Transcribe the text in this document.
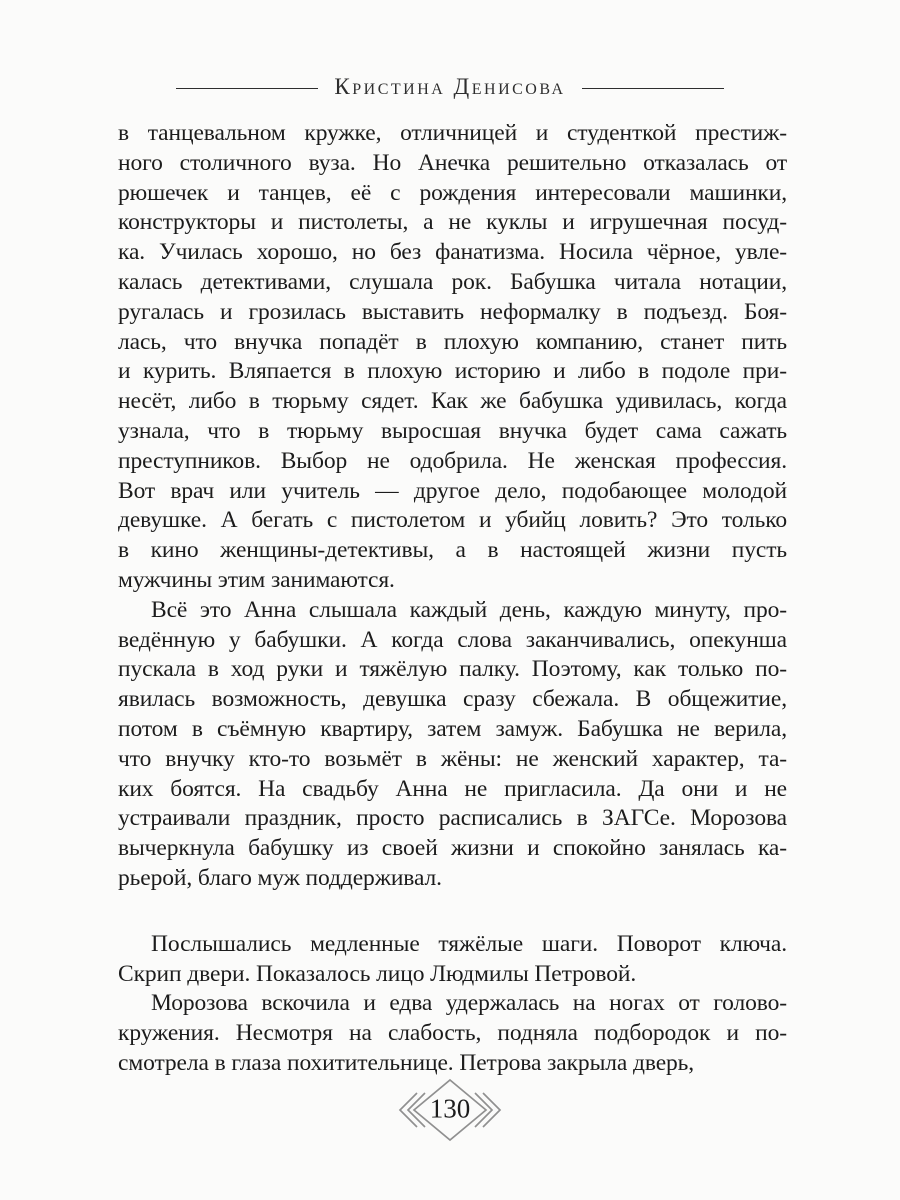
Кристина Денисова
в танцевальном кружке, отличницей и студенткой престиж-
ного столичного вуза. Но Анечка решительно отказалась от
рюшечек и танцев, её с рождения интересовали машинки,
конструкторы и пистолеты, а не куклы и игрушечная посуд-
ка. Училась хорошо, но без фанатизма. Носила чёрное, увле-
калась детективами, слушала рок. Бабушка читала нотации,
ругалась и грозилась выставить неформалку в подъезд. Боя-
лась, что внучка попадёт в плохую компанию, станет пить
и курить. Вляпается в плохую историю и либо в подоле при-
несёт, либо в тюрьму сядет. Как же бабушка удивилась, когда
узнала, что в тюрьму выросшая внучка будет сама сажать
преступников. Выбор не одобрила. Не женская профессия.
Вот врач или учитель — другое дело, подобающее молодой
девушке. А бегать с пистолетом и убийц ловить? Это только
в кино женщины-детективы, а в настоящей жизни пусть
мужчины этим занимаются.
Всё это Анна слышала каждый день, каждую минуту, про-
ведённую у бабушки. А когда слова заканчивались, опекунша
пускала в ход руки и тяжёлую палку. Поэтому, как только по-
явилась возможность, девушка сразу сбежала. В общежитие,
потом в съёмную квартиру, затем замуж. Бабушка не верила,
что внучку кто-то возьмёт в жёны: не женский характер, та-
ких боятся. На свадьбу Анна не пригласила. Да они и не
устраивали праздник, просто расписались в ЗАГСе. Морозова
вычеркнула бабушку из своей жизни и спокойно занялась ка-
рьерой, благо муж поддерживал.
Послышались медленные тяжёлые шаги. Поворот ключа.
Скрип двери. Показалось лицо Людмилы Петровой.
Морозова вскочила и едва удержалась на ногах от голово-
кружения. Несмотря на слабость, подняла подбородок и по-
смотрела в глаза похитительнице. Петрова закрыла дверь,
130
